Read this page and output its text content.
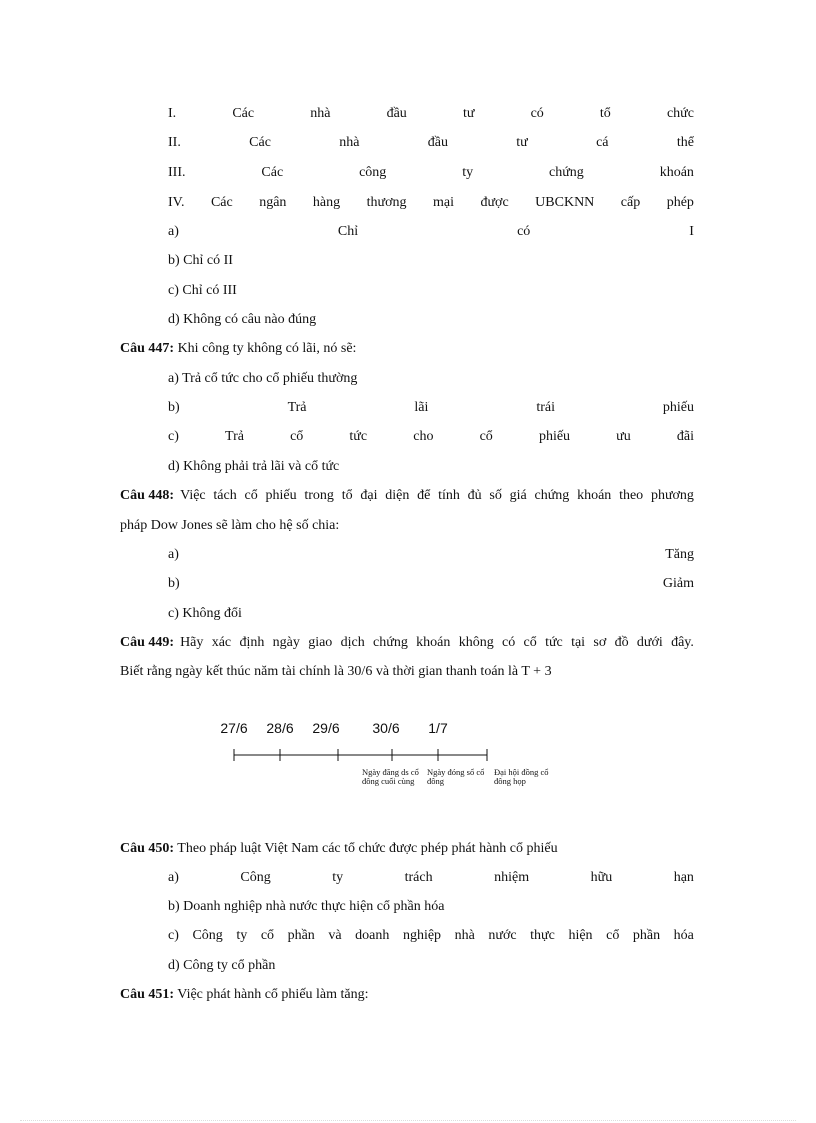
I.	Các	nhà	đầu	tư	có	tổ	chức
II.	Các	nhà	đầu	tư	cá	thể
III.	Các	công	ty	chứng	khoán
IV. Các ngân hàng thương mại được UBCKNN cấp phép
a)	Chỉ	có	I
b) Chỉ có II
c) Chỉ có III
d) Không có câu nào đúng
Câu 447: Khi công ty không có lãi, nó sẽ:
a) Trả cổ tức cho cổ phiếu thường
b)	Trả	lãi	trái	phiếu
c)	Trả	cổ	tức	cho	cổ	phiếu	ưu	đãi
d) Không phải trả lãi và cổ tức
Câu 448: Việc tách cổ phiếu trong tổ đại diện để tính đủ số giá chứng khoán theo phương
pháp Dow Jones sẽ làm cho hệ số chia:
a)	Tăng
b)	Giảm
c) Không đổi
Câu 449: Hãy xác định ngày giao dịch chứng khoán không có cổ tức tại sơ đồ dưới đây.
Biết rằng ngày kết thúc năm tài chính là 30/6 và thời gian thanh toán là T + 3
27/6 28/6 29/6 30/6 1/7
Ngày đăng ds cổ đông cuối cùng
Ngày đóng sổ cổ đông
Đại hội đồng cổ đông họp
Câu 450: Theo pháp luật Việt Nam các tổ chức được phép phát hành cổ phiếu
a)	Công	ty	trách	nhiệm	hữu	hạn
b) Doanh nghiệp nhà nước thực hiện cổ phần hóa
c) Công ty cổ phần và doanh nghiệp nhà nước thực hiện cổ phần hóa
d) Công ty cổ phần
Câu 451: Việc phát hành cổ phiếu làm tăng:
